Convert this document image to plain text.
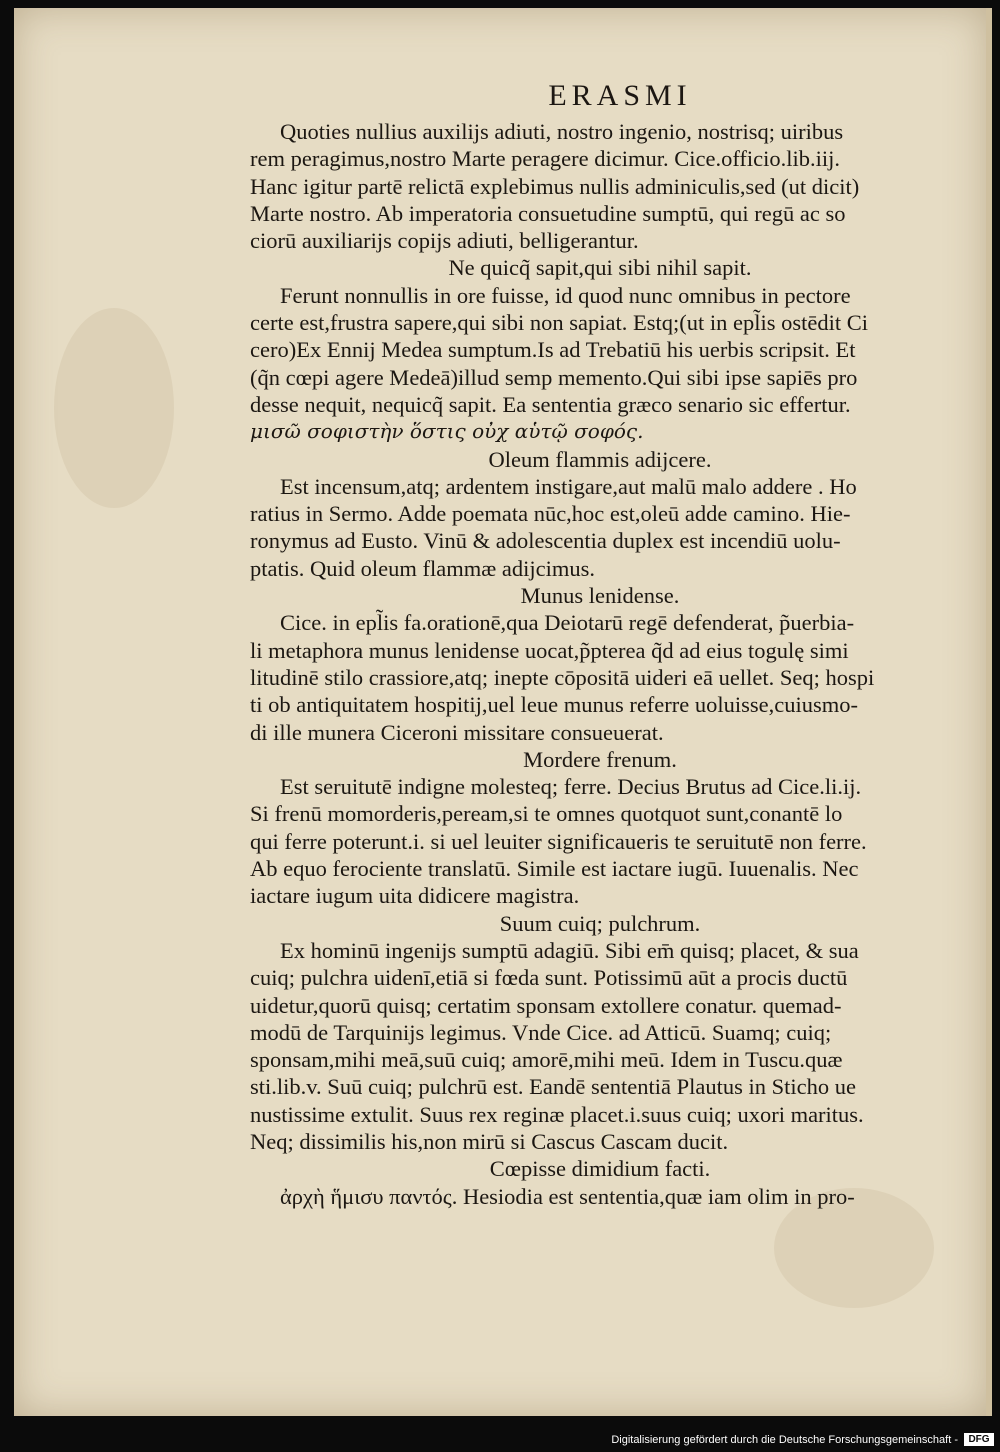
ERASMI
Quoties nullius auxilijs adiuti, nostro ingenio, nostrisq; uiribus
rem peragimus,nostro Marte peragere dicimur. Cice.officio.lib.iij.
Hanc igitur partē relictā explebimus nullis adminiculis,sed (ut dicit)
Marte nostro. Ab imperatoria consuetudine sumptū, qui regū ac so
ciorū auxiliarijs copijs adiuti, belligerantur.
Ne quicq̃ sapit,qui sibi nihil sapit.
Ferunt nonnullis in ore fuisse, id quod nunc omnibus in pectore
certe est,frustra sapere,qui sibi non sapiat. Estq;(ut in epl̃is ostēdit Ci
cero)Ex Ennij Medea sumptum.Is ad Trebatiū his uerbis scripsit. Et
(q̃n cœpi agere Medeā)illud semp memento.Qui sibi ipse sapiēs pro
desse nequit, nequicq̃ sapit. Ea sententia græco senario sic effertur.
μισῶ σοφιστὴν ὅστις οὐχ αὑτῷ σοφός.
Oleum flammis adijcere.
Est incensum,atq; ardentem instigare,aut malū malo addere . Ho
ratius in Sermo. Adde poemata nūc,hoc est,oleū adde camino. Hie-
ronymus ad Eusto. Vinū & adolescentia duplex est incendiū uolu-
ptatis. Quid oleum flammæ adijcimus.
Munus lenidense.
Cice. in epl̃is fa.orationē,qua Deiotarū regē defenderat, p̃uerbia-
li metaphora munus lenidense uocat,p̃pterea q̃d ad eius togulę simi
litudinē stilo crassiore,atq; inepte cōpositā uideri eā uellet. Seq; hospi
ti ob antiquitatem hospitij,uel leue munus referre uoluisse,cuiusmo-
di ille munera Ciceroni missitare consueuerat.
Mordere frenum.
Est seruitutē indigne molesteq; ferre. Decius Brutus ad Cice.li.ij.
Si frenū momorderis,peream,si te omnes quotquot sunt,conantē lo
qui ferre poterunt.i. si uel leuiter significaueris te seruitutē non ferre.
Ab equo ferociente translatū. Simile est iactare iugū. Iuuenalis. Nec
iactare iugum uita didicere magistra.
Suum cuiq; pulchrum.
Ex hominū ingenijs sumptū adagiū. Sibi em̄ quisq; placet, & sua
cuiq; pulchra uidenī,etiā si fœda sunt. Potissimū aūt a procis ductū
uidetur,quorū quisq; certatim sponsam extollere conatur. quemad-
modū de Tarquinijs legimus. Vnde Cice. ad Atticū. Suamq; cuiq;
sponsam,mihi meā,suū cuiq; amorē,mihi meū. Idem in Tuscu.quæ
sti.lib.v. Suū cuiq; pulchrū est. Eandē sententiā Plautus in Sticho ue
nustissime extulit. Suus rex reginæ placet.i.suus cuiq; uxori maritus.
Neq; dissimilis his,non mirū si Cascus Cascam ducit.
Cœpisse dimidium facti.
ἀρχὴ ἥμισυ παντός. Hesiodia est sententia,quæ iam olim in pro-
Digitalisierung gefördert durch die Deutsche Forschungsgemeinschaft -	DFG
